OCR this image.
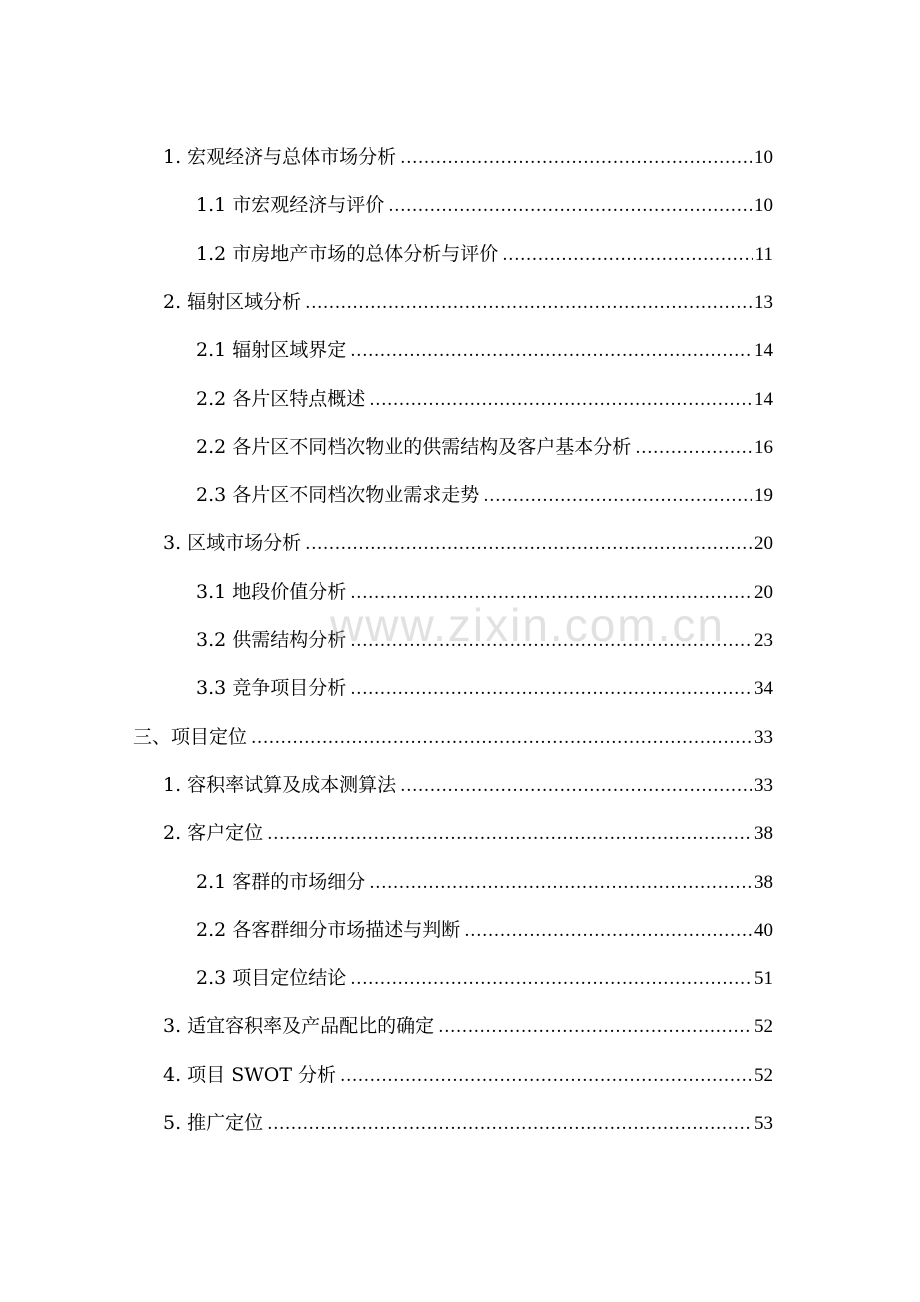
1. 宏观经济与总体市场分析 .....	10
1.1 市宏观经济与评价 .....	10
1.2 市房地产市场的总体分析与评价 .....	11
2. 辐射区域分析 .....	13
2.1 辐射区域界定 .....	14
2.2 各片区特点概述 .....	14
2.2 各片区不同档次物业的供需结构及客户基本分析 .....	16
2.3 各片区不同档次物业需求走势 .....	19
3. 区域市场分析 .....	20
3.1 地段价值分析 .....	20
3.2 供需结构分析 .....	23
3.3 竞争项目分析 .....	34
三、项目定位 .....	33
1. 容积率试算及成本测算法 .....	33
2. 客户定位 .....	38
2.1 客群的市场细分 .....	38
2.2 各客群细分市场描述与判断 .....	40
2.3 项目定位结论 .....	51
3. 适宜容积率及产品配比的确定 .....	52
4. 项目 SWOT 分析 .....	52
5. 推广定位 .....	53
www.zixin.com.cn
